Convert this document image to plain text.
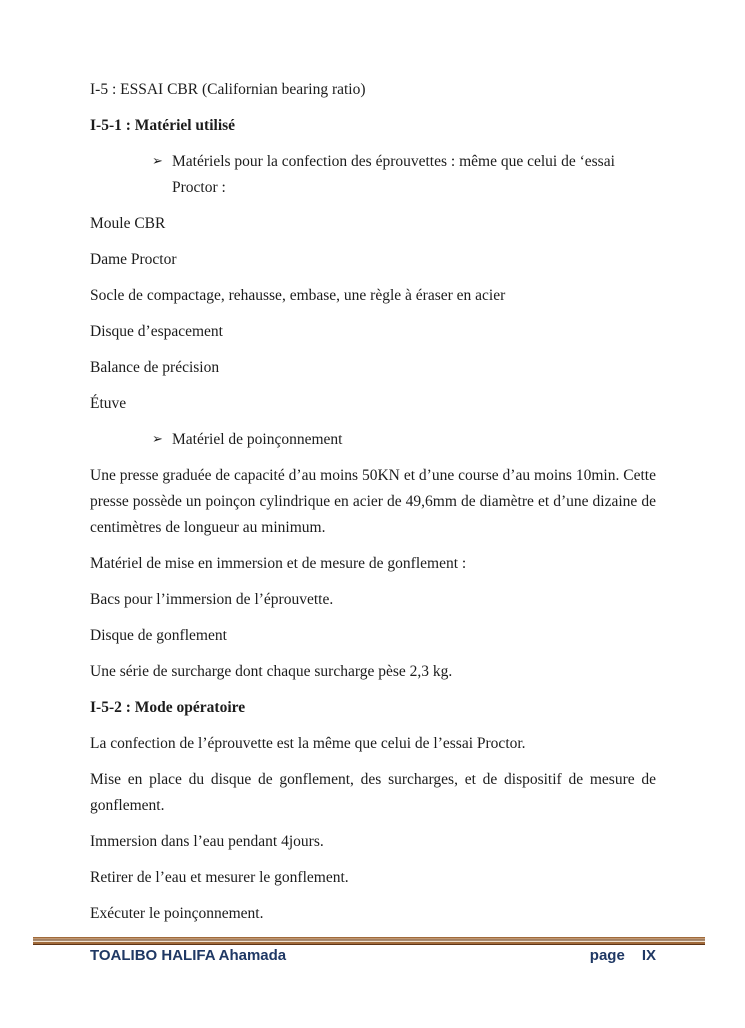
I-5 : ESSAI CBR (Californian bearing ratio)

I-5-1 : Matériel utilisé

➢ Matériels pour la confection des éprouvettes : même que celui de ‘essai Proctor :

Moule CBR

Dame Proctor

Socle de compactage, rehausse, embase, une règle à éraser en acier

Disque d’espacement

Balance de précision

Étuve

➢ Matériel de poinçonnement

Une presse graduée de capacité d’au moins 50KN et d’une course d’au moins 10min. Cette presse possède un poinçon cylindrique en acier de 49,6mm de diamètre et d’une dizaine de centimètres de longueur au minimum.

Matériel de mise en immersion et de mesure de gonflement :

Bacs pour l’immersion de l’éprouvette.

Disque de gonflement

Une série de surcharge dont chaque surcharge pèse 2,3 kg.

I-5-2 : Mode opératoire

La confection de l’éprouvette est la même que celui de l’essai Proctor.

Mise en place du disque de gonflement, des surcharges, et de dispositif de mesure de gonflement.

Immersion dans l’eau pendant 4jours.

Retirer de l’eau et mesurer le gonflement.

Exécuter le poinçonnement.

TOALIBO HALIFA Ahamada	page IX
